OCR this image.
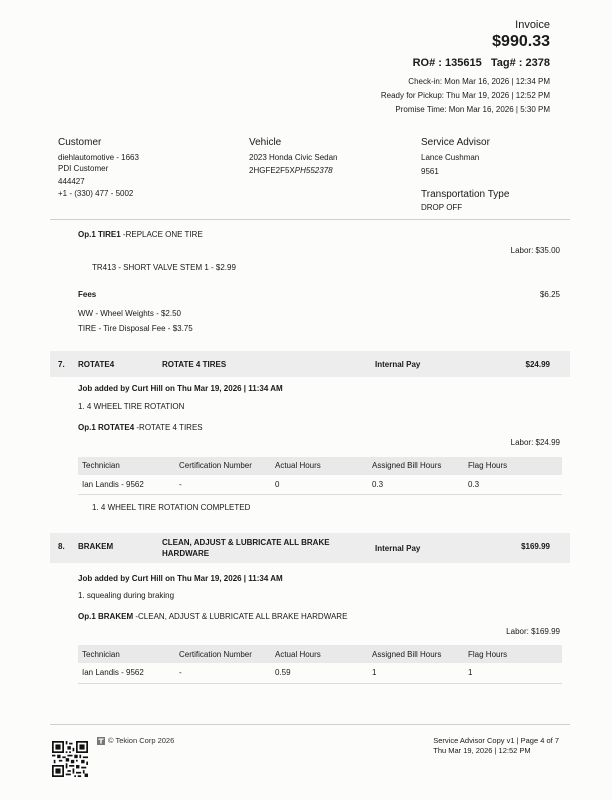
Invoice
$990.33
RO# : 135615 Tag# : 2378
Check-in: Mon Mar 16, 2026 | 12:34 PM
Ready for Pickup: Thu Mar 19, 2026 | 12:52 PM
Promise Time: Mon Mar 16, 2026 | 5:30 PM
Customer
diehlautomotive - 1663
PDI Customer
444427
+1 - (330) 477 - 5002
Vehicle
2023 Honda Civic Sedan
2HGFE2F5XPH552378
Service Advisor
Lance Cushman
9561
Transportation Type
DROP OFF
Op.1 TIRE1 -REPLACE ONE TIRE
Labor: $35.00
TR413 - SHORT VALVE STEM 1 - $2.99
Fees	$6.25
WW - Wheel Weights - $2.50
TIRE - Tire Disposal Fee - $3.75
7. ROTATE4	ROTATE 4 TIRES	Internal Pay	$24.99
Job added by Curt Hill on Thu Mar 19, 2026 | 11:34 AM
1. 4 WHEEL TIRE ROTATION
Op.1 ROTATE4 -ROTATE 4 TIRES
Labor: $24.99
Technician	Certification Number	Actual Hours	Assigned Bill Hours	Flag Hours
Ian Landis - 9562	-	0	0.3	0.3
1. 4 WHEEL TIRE ROTATION COMPLETED
8. BRAKEM	CLEAN, ADJUST & LUBRICATE ALL BRAKE
HARDWARE
Internal Pay	$169.99
Job added by Curt Hill on Thu Mar 19, 2026 | 11:34 AM
1. squealing during braking
Op.1 BRAKEM -CLEAN, ADJUST & LUBRICATE ALL BRAKE HARDWARE
Labor: $169.99
Technician	Certification Number	Actual Hours	Assigned Bill Hours	Flag Hours
Ian Landis - 9562	-	0.59	1	1
© Tekion Corp 2026	Service Advisor Copy v1 | Page 4 of 7
Thu Mar 19, 2026 | 12:52 PM
